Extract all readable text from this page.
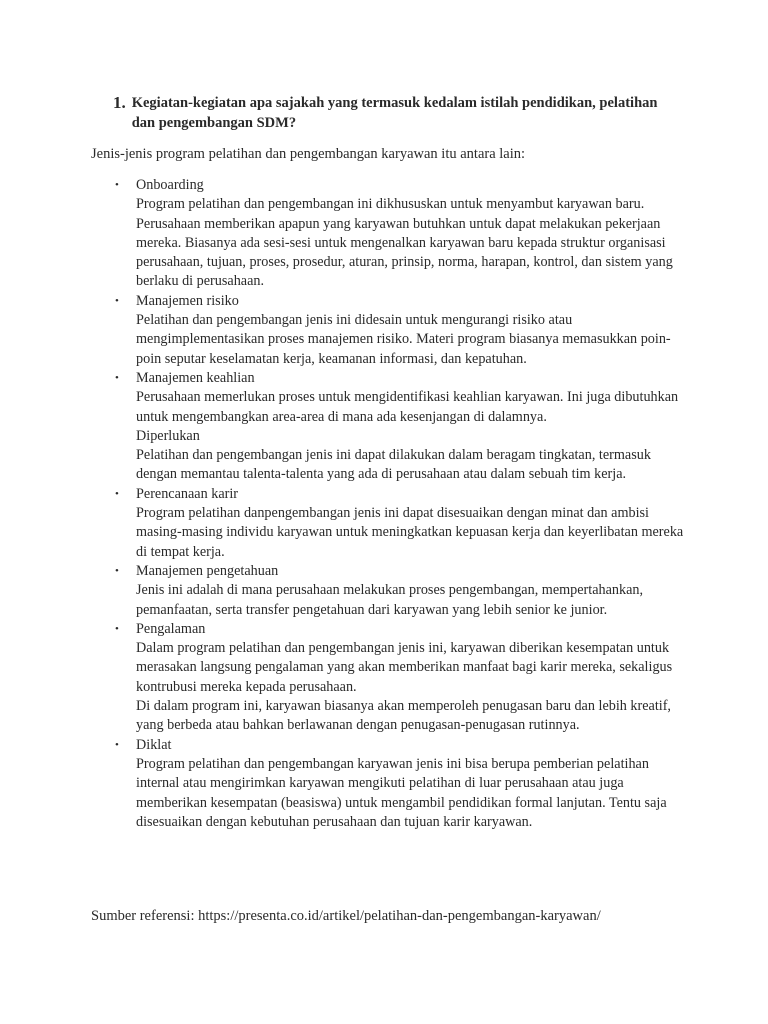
1. Kegiatan-kegiatan apa sajakah yang termasuk kedalam istilah pendidikan, pelatihan dan pengembangan SDM?
Jenis-jenis program pelatihan dan pengembangan karyawan itu antara lain:
• Onboarding
Program pelatihan dan pengembangan ini dikhususkan untuk menyambut karyawan baru. Perusahaan memberikan apapun yang karyawan butuhkan untuk dapat melakukan pekerjaan mereka. Biasanya ada sesi-sesi untuk mengenalkan karyawan baru kepada struktur organisasi perusahaan, tujuan, proses, prosedur, aturan, prinsip, norma, harapan, kontrol, dan sistem yang berlaku di perusahaan.
• Manajemen risiko
Pelatihan dan pengembangan jenis ini didesain untuk mengurangi risiko atau mengimplementasikan proses manajemen risiko. Materi program biasanya memasukkan poin-poin seputar keselamatan kerja, keamanan informasi, dan kepatuhan.
• Manajemen keahlian
Perusahaan memerlukan proses untuk mengidentifikasi keahlian karyawan. Ini juga dibutuhkan untuk mengembangkan area-area di mana ada kesenjangan di dalamnya.
Diperlukan
Pelatihan dan pengembangan jenis ini dapat dilakukan dalam beragam tingkatan, termasuk dengan memantau talenta-talenta yang ada di perusahaan atau dalam sebuah tim kerja.
• Perencanaan karir
Program pelatihan danpengembangan jenis ini dapat disesuaikan dengan minat dan ambisi masing-masing individu karyawan untuk meningkatkan kepuasan kerja dan keyerlibatan mereka di tempat kerja.
• Manajemen pengetahuan
Jenis ini adalah di mana perusahaan melakukan proses pengembangan, mempertahankan, pemanfaatan, serta transfer pengetahuan dari karyawan yang lebih senior ke junior.
• Pengalaman
Dalam program pelatihan dan pengembangan jenis ini, karyawan diberikan kesempatan untuk merasakan langsung pengalaman yang akan memberikan manfaat bagi karir mereka, sekaligus kontrubusi mereka kepada perusahaan.
Di dalam program ini, karyawan biasanya akan memperoleh penugasan baru dan lebih kreatif, yang berbeda atau bahkan berlawanan dengan penugasan-penugasan rutinnya.
• Diklat
Program pelatihan dan pengembangan karyawan jenis ini bisa berupa pemberian pelatihan internal atau mengirimkan karyawan mengikuti pelatihan di luar perusahaan atau juga memberikan kesempatan (beasiswa) untuk mengambil pendidikan formal lanjutan. Tentu saja disesuaikan dengan kebutuhan perusahaan dan tujuan karir karyawan.
Sumber referensi: https://presenta.co.id/artikel/pelatihan-dan-pengembangan-karyawan/
